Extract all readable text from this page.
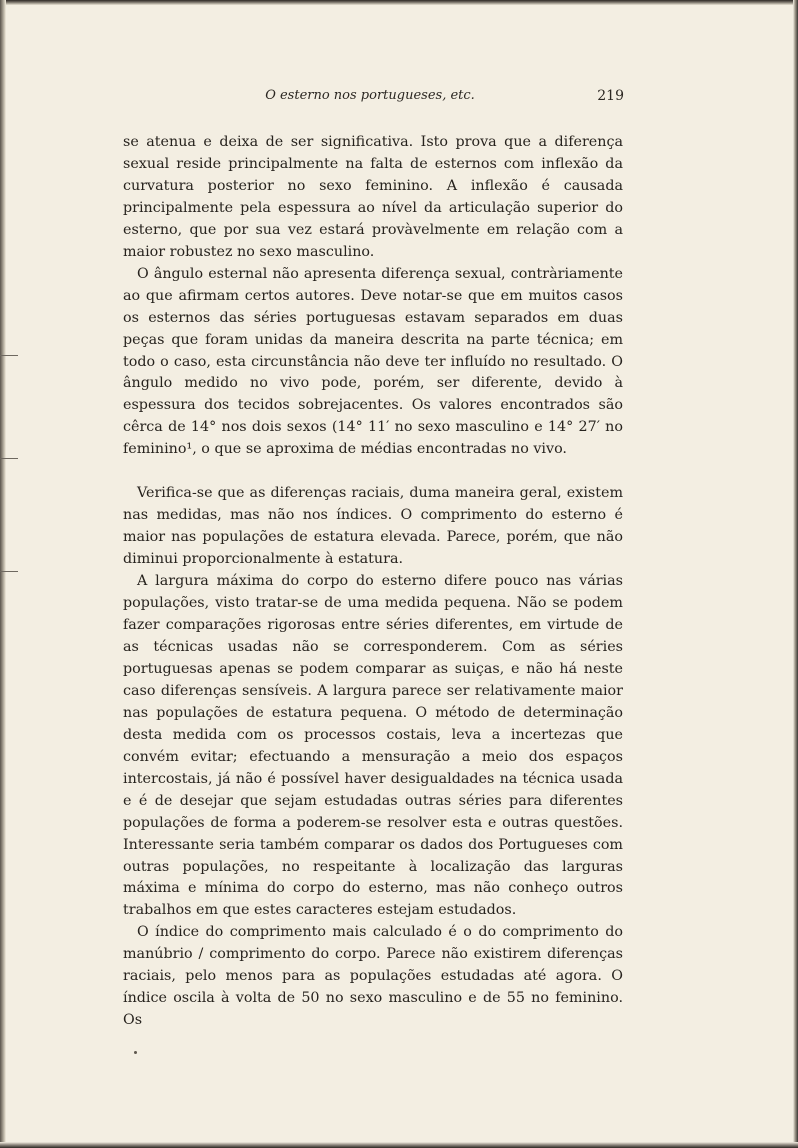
O esterno nos portugueses, etc.	219

se atenua e deixa de ser significativa. Isto prova que a diferença sexual reside principalmente na falta de esternos com inflexão da curvatura posterior no sexo feminino. A inflexão é causada principalmente pela espessura ao nível da articulação superior do esterno, que por sua vez estará provàvelmente em relação com a maior robustez no sexo masculino.

O ângulo esternal não apresenta diferença sexual, contràriamente ao que afirmam certos autores. Deve notar-se que em muitos casos os esternos das séries portuguesas estavam separados em duas peças que foram unidas da maneira descrita na parte técnica; em todo o caso, esta circunstância não deve ter influído no resultado. O ângulo medido no vivo pode, porém, ser diferente, devido à espessura dos tecidos sobrejacentes. Os valores encontrados são cêrca de 14° nos dois sexos (14° 11′ no sexo masculino e 14° 27′ no feminino¹, o que se aproxima de médias encontradas no vivo.

Verifica-se que as diferenças raciais, duma maneira geral, existem nas medidas, mas não nos índices. O comprimento do esterno é maior nas populações de estatura elevada. Parece, porém, que não diminui proporcionalmente à estatura.

A largura máxima do corpo do esterno difere pouco nas várias populações, visto tratar-se de uma medida pequena. Não se podem fazer comparações rigorosas entre séries diferentes, em virtude de as técnicas usadas não se corresponderem. Com as séries portuguesas apenas se podem comparar as suiças, e não há neste caso diferenças sensíveis. A largura parece ser relativamente maior nas populações de estatura pequena. O método de determinação desta medida com os processos costais, leva a incertezas que convém evitar; efectuando a mensuração a meio dos espaços intercostais, já não é possível haver desigualdades na técnica usada e é de desejar que sejam estudadas outras séries para diferentes populações de forma a poderem-se resolver esta e outras questões. Interessante seria também comparar os dados dos Portugueses com outras populações, no respeitante à localização das larguras máxima e mínima do corpo do esterno, mas não conheço outros trabalhos em que estes caracteres estejam estudados.

O índice do comprimento mais calculado é o do comprimento do manúbrio / comprimento do corpo. Parece não existirem diferenças raciais, pelo menos para as populações estudadas até agora. O índice oscila à volta de 50 no sexo masculino e de 55 no feminino. Os
